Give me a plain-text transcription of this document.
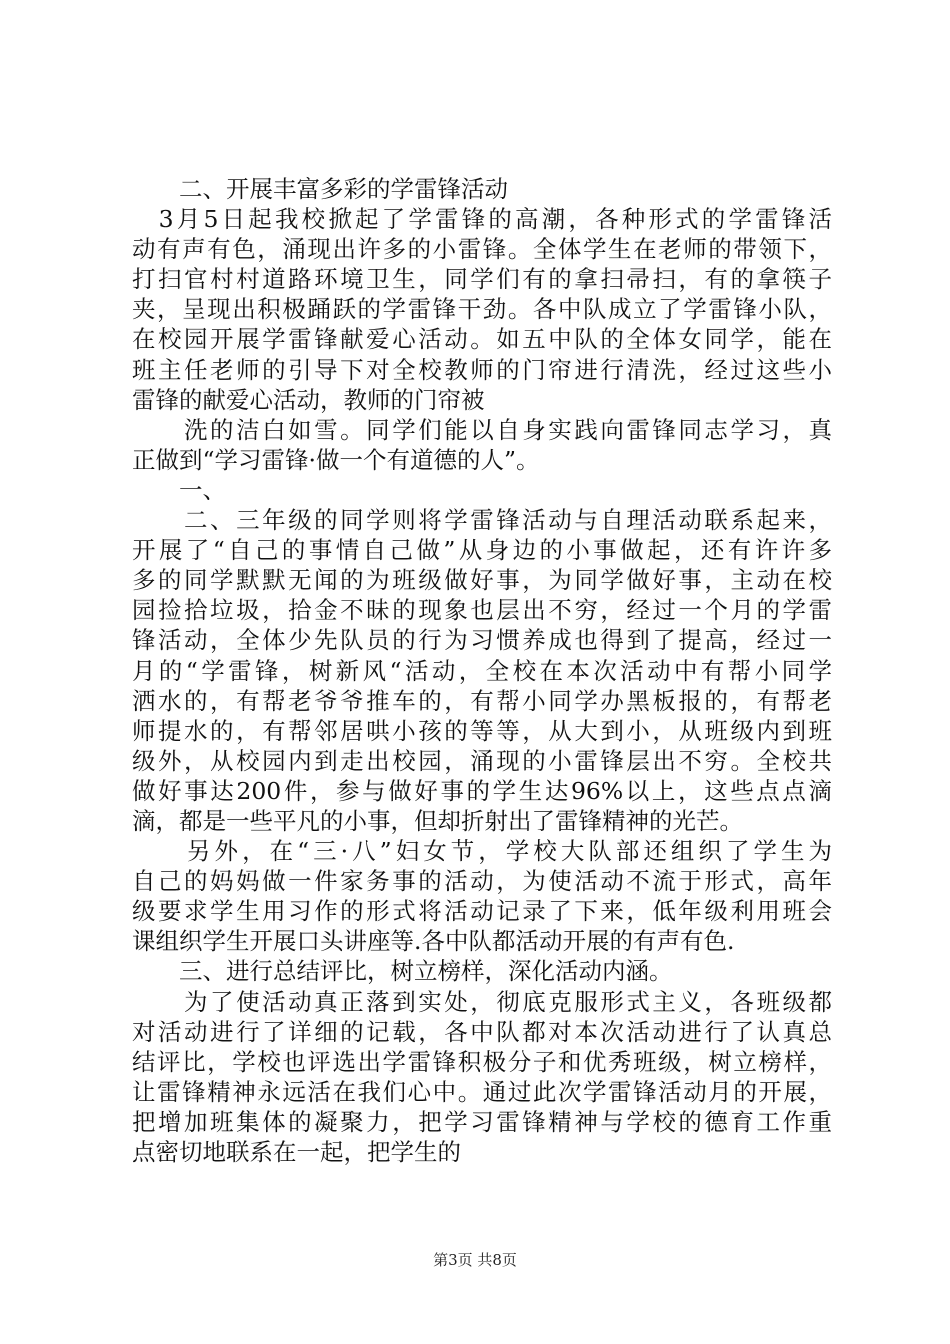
　　二、开展丰富多彩的学雷锋活动
　3月5日起我校掀起了学雷锋的高潮，各种形式的学雷锋活
动有声有色，涌现出许多的小雷锋。全体学生在老师的带领下，
打扫官村村道路环境卫生，同学们有的拿扫帚扫，有的拿筷子
夹，呈现出积极踊跃的学雷锋干劲。各中队成立了学雷锋小队，
在校园开展学雷锋献爱心活动。如五中队的全体女同学，能在
班主任老师的引导下对全校教师的门帘进行清洗，经过这些小
雷锋的献爱心活动，教师的门帘被
　　洗的洁白如雪。同学们能以自身实践向雷锋同志学习，真
正做到“学习雷锋·做一个有道德的人”。
　　一、
　　二、三年级的同学则将学雷锋活动与自理活动联系起来，
开展了“自己的事情自己做”从身边的小事做起，还有许许多
多的同学默默无闻的为班级做好事，为同学做好事，主动在校
园捡拾垃圾，拾金不昧的现象也层出不穷，经过一个月的学雷
锋活动，全体少先队员的行为习惯养成也得到了提高，经过一
月的“学雷锋，树新风“活动，全校在本次活动中有帮小同学
洒水的，有帮老爷爷推车的，有帮小同学办黑板报的，有帮老
师提水的，有帮邻居哄小孩的等等，从大到小，从班级内到班
级外，从校园内到走出校园，涌现的小雷锋层出不穷。全校共
做好事达200件，参与做好事的学生达96%以上，这些点点滴
滴，都是一些平凡的小事，但却折射出了雷锋精神的光芒。
　　另外，在“三·八”妇女节，学校大队部还组织了学生为
自己的妈妈做一件家务事的活动，为使活动不流于形式，高年
级要求学生用习作的形式将活动记录了下来，低年级利用班会
课组织学生开展口头讲座等.各中队都活动开展的有声有色.
　　三、进行总结评比，树立榜样，深化活动内涵。
　　为了使活动真正落到实处，彻底克服形式主义，各班级都
对活动进行了详细的记载，各中队都对本次活动进行了认真总
结评比，学校也评选出学雷锋积极分子和优秀班级，树立榜样，
让雷锋精神永远活在我们心中。通过此次学雷锋活动月的开展，
把增加班集体的凝聚力，把学习雷锋精神与学校的德育工作重
点密切地联系在一起，把学生的
第3页 共8页
